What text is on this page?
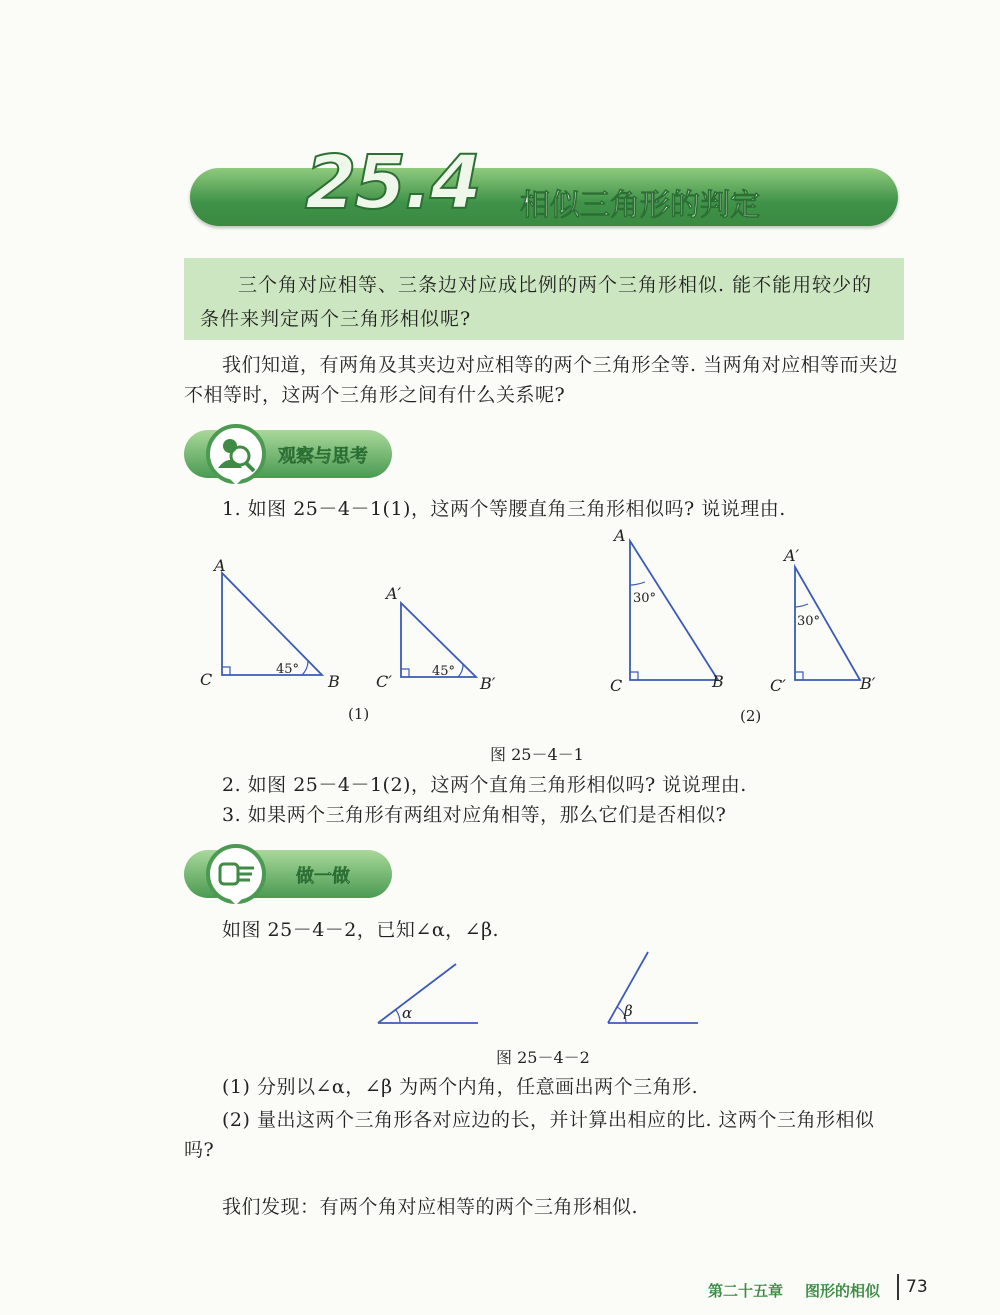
25.4 相似三角形的判定
三个角对应相等、三条边对应成比例的两个三角形相似. 能不能用较少的条件来判定两个三角形相似呢?
我们知道，有两角及其夹边对应相等的两个三角形全等. 当两角对应相等而夹边不相等时，这两个三角形之间有什么关系呢?
观察与思考
1. 如图 25－4－1(1)，这两个等腰直角三角形相似吗? 说说理由.
A
C	B
A′
C′	B′
A
C	B
A′
C′	B′
45°	45°
30°
30°
(1)	(2)
图 25－4－1
2. 如图 25－4－1(2)，这两个直角三角形相似吗? 说说理由.
3. 如果两个三角形有两组对应角相等，那么它们是否相似?
做一做
如图 25－4－2，已知∠α，∠β.
α	β
图 25－4－2
(1) 分别以∠α，∠β 为两个内角，任意画出两个三角形.
(2) 量出这两个三角形各对应边的长，并计算出相应的比. 这两个三角形相似吗?
我们发现：有两个角对应相等的两个三角形相似.
第二十五章 图形的相似 73
